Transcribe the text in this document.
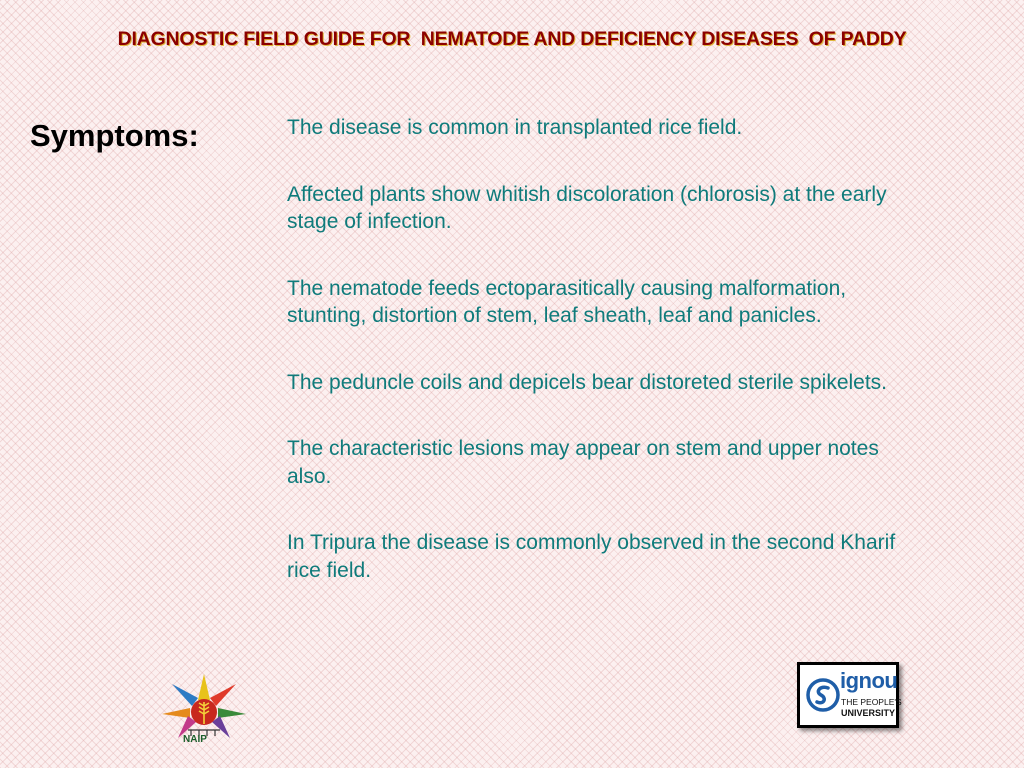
DIAGNOSTIC FIELD GUIDE FOR  NEMATODE AND DEFICIENCY DISEASES  OF PADDY
Symptoms:	The disease is common in transplanted rice field.
Affected plants show whitish discoloration (chlorosis) at the early stage of infection.
The nematode feeds ectoparasitically causing malformation, stunting, distortion of stem, leaf sheath, leaf and panicles.
The peduncle coils and depicels bear distoreted sterile spikelets.
The characteristic lesions may appear on stem and upper notes also.
In Tripura the disease is commonly observed in the second Kharif rice field.
NAIP
ignou
THE PEOPLE'S
UNIVERSITY
